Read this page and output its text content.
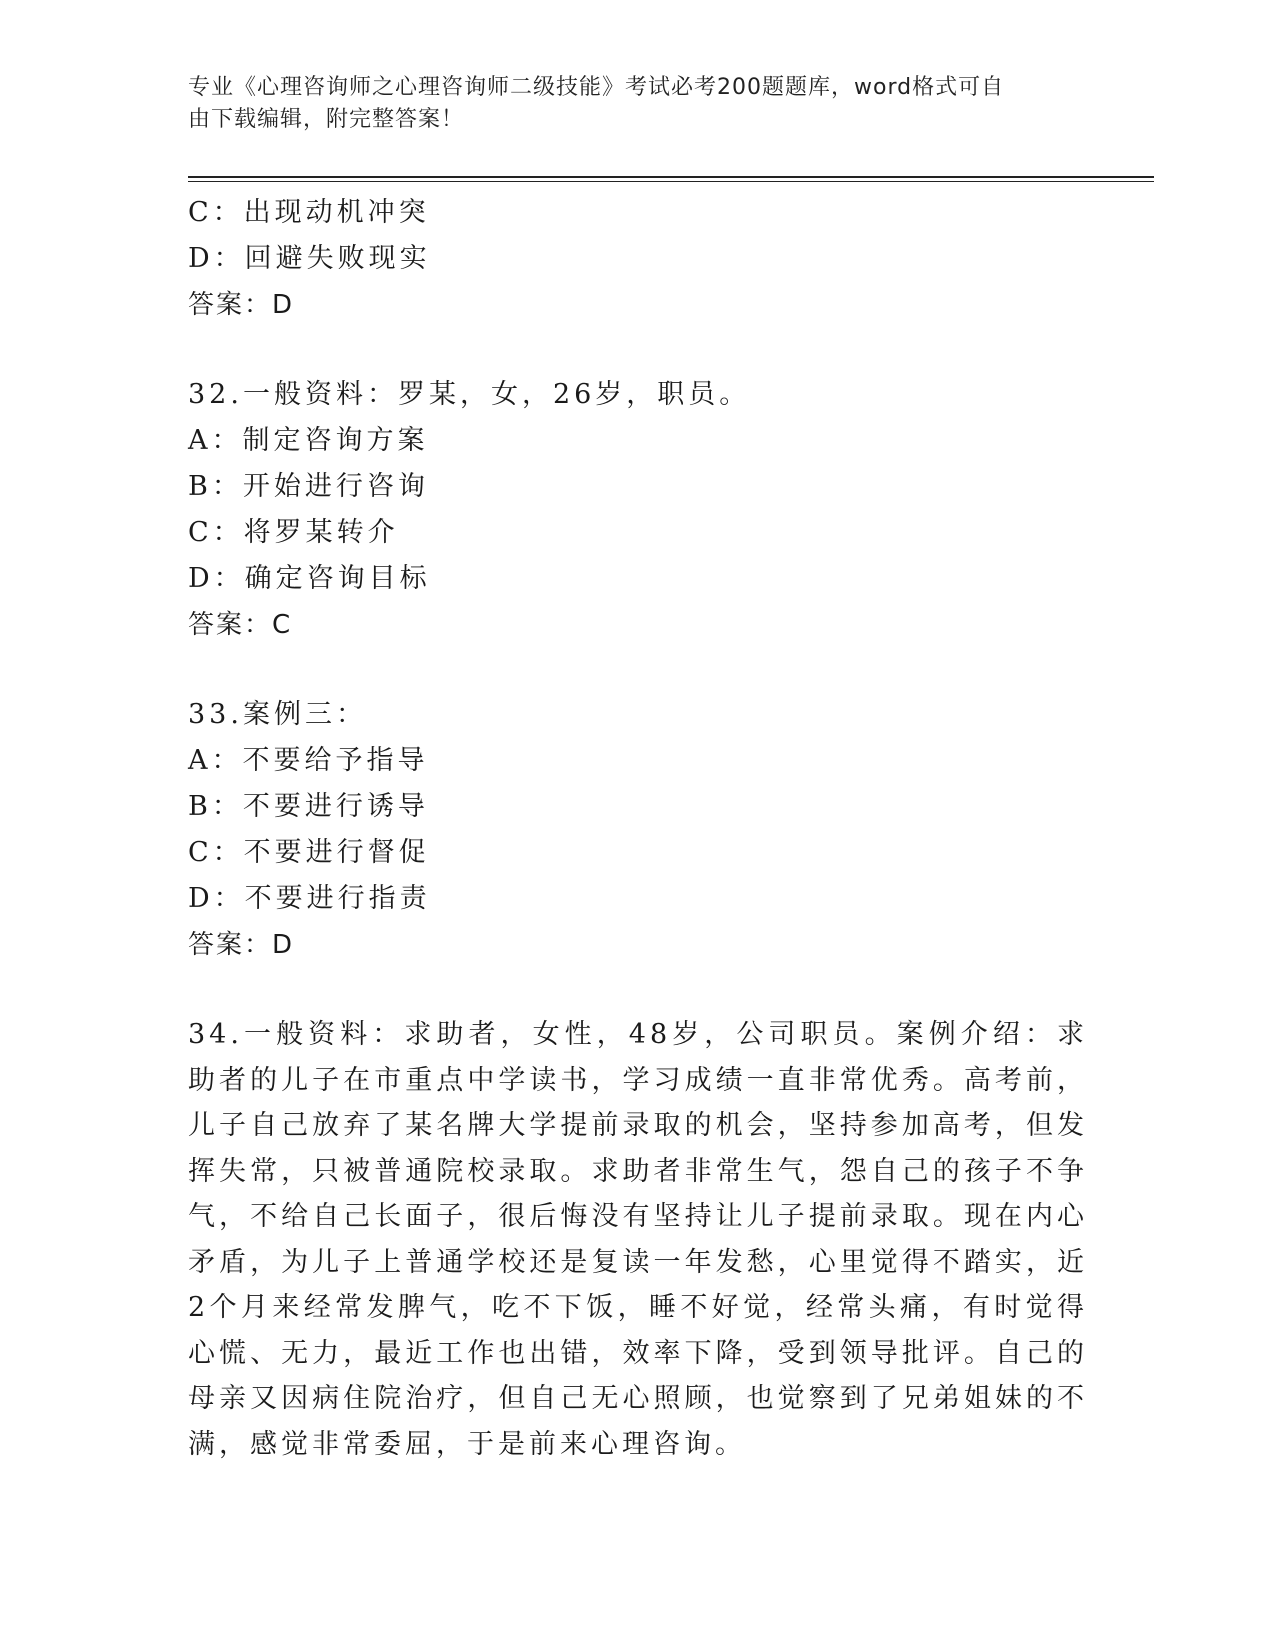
专业《心理咨询师之心理咨询师二级技能》考试必考200题题库，word格式可自
由下载编辑，附完整答案！
C：出现动机冲突
D：回避失败现实
答案：D
32.一般资料：罗某，女，26岁，职员。
A：制定咨询方案
B：开始进行咨询
C：将罗某转介
D：确定咨询目标
答案：C
33.案例三：
A：不要给予指导
B：不要进行诱导
C：不要进行督促
D：不要进行指责
答案：D
34.一般资料：求助者，女性，48岁，公司职员。案例介绍：求助者的儿子在市重点中学读书，学习成绩一直非常优秀。高考前，儿子自己放弃了某名牌大学提前录取的机会，坚持参加高考，但发挥失常，只被普通院校录取。求助者非常生气，怨自己的孩子不争气，不给自己长面子，很后悔没有坚持让儿子提前录取。现在内心矛盾，为儿子上普通学校还是复读一年发愁，心里觉得不踏实，近2个月来经常发脾气，吃不下饭，睡不好觉，经常头痛，有时觉得心慌、无力，最近工作也出错，效率下降，受到领导批评。自己的母亲又因病住院治疗，但自己无心照顾，也觉察到了兄弟姐妹的不满，感觉非常委屈，于是前来心理咨询。
